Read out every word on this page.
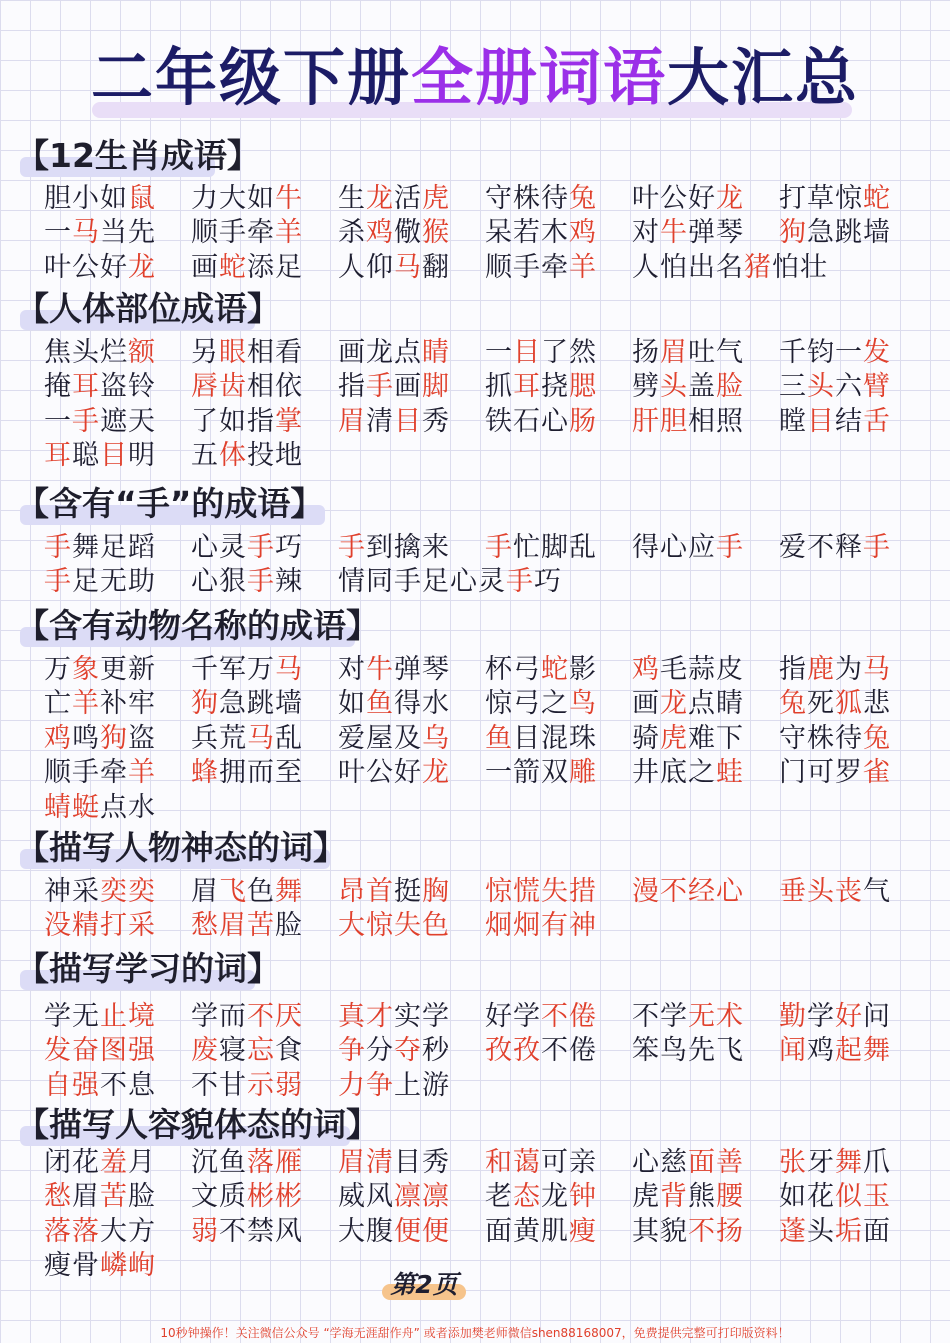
二年级下册全册词语大汇总
【12生肖成语】
胆小如鼠	力大如牛	生龙活虎	守株待兔	叶公好龙	打草惊蛇
一马当先	顺手牵羊	杀鸡儆猴	呆若木鸡	对牛弹琴	狗急跳墙
叶公好龙	画蛇添足	人仰马翻	顺手牵羊	人怕出名猪怕壮
【人体部位成语】
焦头烂额	另眼相看	画龙点睛	一目了然	扬眉吐气	千钧一发
掩耳盗铃	唇齿相依	指手画脚	抓耳挠腮	劈头盖脸	三头六臂
一手遮天	了如指掌	眉清目秀	铁石心肠	肝胆相照	瞠目结舌
耳聪目明	五体投地
【含有“手”的成语】
手舞足蹈	心灵手巧	手到擒来	手忙脚乱	得心应手	爱不释手
手足无助	心狠手辣	情同手足心灵手巧
【含有动物名称的成语】
万象更新	千军万马	对牛弹琴	杯弓蛇影	鸡毛蒜皮	指鹿为马
亡羊补牢	狗急跳墙	如鱼得水	惊弓之鸟	画龙点睛	兔死狐悲
鸡鸣狗盗	兵荒马乱	爱屋及乌	鱼目混珠	骑虎难下	守株待兔
顺手牵羊	蜂拥而至	叶公好龙	一箭双雕	井底之蛙	门可罗雀
蜻蜓点水
【描写人物神态的词】
神采奕奕	眉飞色舞	昂首挺胸	惊慌失措	漫不经心	垂头丧气
没精打采	愁眉苦脸	大惊失色	炯炯有神
【描写学习的词】
学无止境	学而不厌	真才实学	好学不倦	不学无术	勤学好问
发奋图强	废寝忘食	争分夺秒	孜孜不倦	笨鸟先飞	闻鸡起舞
自强不息	不甘示弱	力争上游
【描写人容貌体态的词】
闭花羞月	沉鱼落雁	眉清目秀	和蔼可亲	心慈面善	张牙舞爪
愁眉苦脸	文质彬彬	威风凛凛	老态龙钟	虎背熊腰	如花似玉
落落大方	弱不禁风	大腹便便	面黄肌瘦	其貌不扬	蓬头垢面
瘦骨嶙峋
第2页
10秒钟操作！关注微信公众号 “学海无涯甜作舟” 或者添加樊老师微信shen88168007，免费提供完整可打印版资料！
